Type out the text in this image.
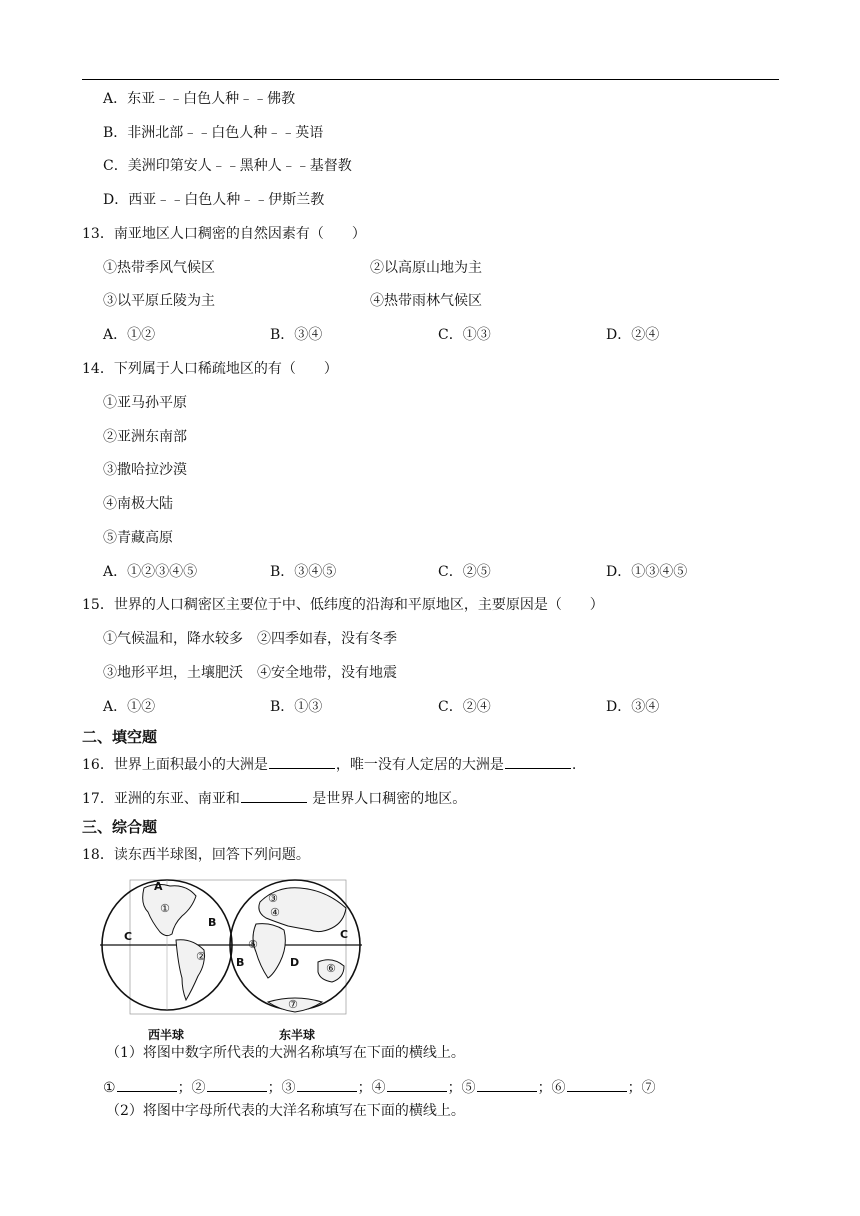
A．东亚﹣﹣白色人种﹣﹣佛教
B．非洲北部﹣﹣白色人种﹣﹣英语
C．美洲印第安人﹣﹣黑种人﹣﹣基督教
D．西亚﹣﹣白色人种﹣﹣伊斯兰教
13．南亚地区人口稠密的自然因素有（　　）
①热带季风气候区	②以高原山地为主
③以平原丘陵为主	④热带雨林气候区
A．①②	B．③④	C．①③	D．②④
14．下列属于人口稀疏地区的有（　　）
①亚马孙平原
②亚洲东南部
③撒哈拉沙漠
④南极大陆
⑤青藏高原
A．①②③④⑤	B．③④⑤	C．②⑤	D．①③④⑤
15．世界的人口稠密区主要位于中、低纬度的沿海和平原地区，主要原因是（　　）
①气候温和，降水较多　②四季如春，没有冬季
③地形平坦，土壤肥沃　④安全地带，没有地震
A．①②	B．①③	C．②④	D．③④
二、填空题
16．世界上面积最小的大洲是	，唯一没有人定居的大洲是	.
17．亚洲的东亚、南亚和	是世界人口稠密的地区。
三、综合题
18．读东西半球图，回答下列问题。
A
B
C
B
C
D
①
②
③
④
⑤
⑥
⑦
西半球	东半球
（1）将图中数字所代表的大洲名称填写在下面的横线上。
①	；②	；③	；④	；⑤	；⑥	；⑦
（2）将图中字母所代表的大洋名称填写在下面的横线上。
